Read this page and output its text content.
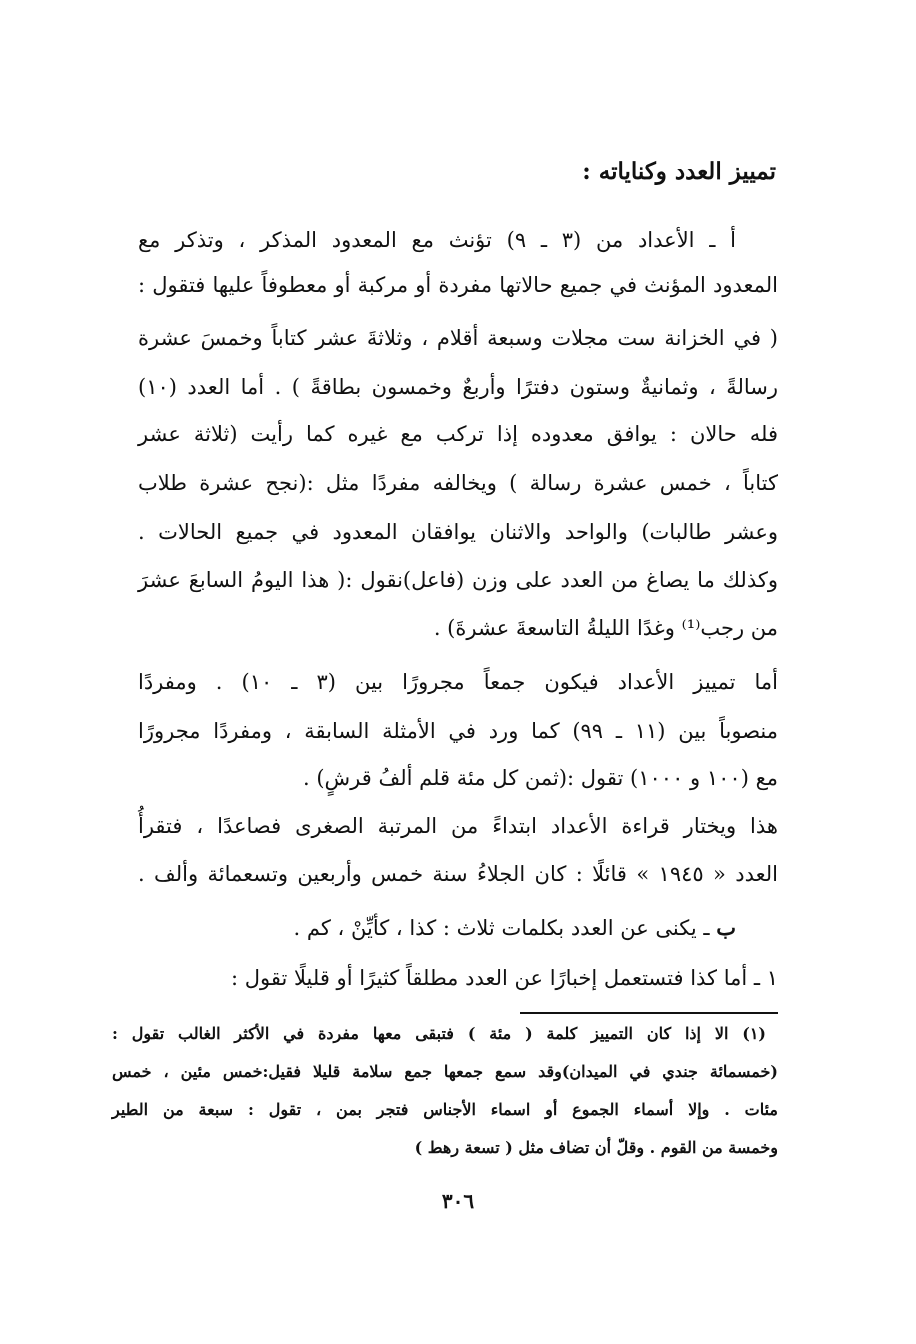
تمييز العدد وكناياته :
أ ـ الأعداد من (٣ ـ ٩) تؤنث مع المعدود المذكر ، وتذكر مع
المعدود المؤنث في جميع حالاتها مفردة أو مركبة أو معطوفاً عليها فتقول :
( في الخزانة ست مجلات وسبعة أقلام ، وثلاثةَ عشر كتاباً وخمسَ عشرة
رسالةً ، وثمانيةٌ وستون دفترًا وأربعٌ وخمسون بطاقةً ) . أما العدد (١٠)
فله حالان : يوافق معدوده إذا تركب مع غيره كما رأيت (ثلاثة عشر
كتاباً ، خمس عشرة رسالة ) ويخالفه مفردًا مثل :(نجح عشرة طلاب
وعشر طالبات) والواحد والاثنان يوافقان المعدود في جميع الحالات .
وكذلك ما يصاغ من العدد على وزن (فاعل)نقول :( هذا اليومُ السابعَ عشرَ
من رجب⁽¹⁾ وغدًا الليلةُ التاسعةَ عشرةَ) .
أما تمييز الأعداد فيكون جمعاً مجرورًا بين (٣ ـ ١٠) . ومفردًا
منصوباً بين (١١ ـ ٩٩) كما ورد في الأمثلة السابقة ، ومفردًا مجرورًا
مع (١٠٠ و ١٠٠٠) تقول :(ثمن كل مئة قلم ألفُ قرشٍ) .
هذا ويختار قراءة الأعداد ابتداءً من المرتبة الصغرى فصاعدًا ، فتقرأُ
العدد « ١٩٤٥ » قائلًا : كان الجلاءُ سنة خمس وأربعين وتسعمائة وألف .
ب ـ يكنى عن العدد بكلمات ثلاث : كذا ، كأيِّنْ ، كم .
١ ـ أما كذا فتستعمل إخبارًا عن العدد مطلقاً كثيرًا أو قليلًا تقول :
(١) الا إذا كان التمييز كلمة ( مئة ) فتبقى معها مفردة في الأكثر الغالب تقول :
(خمسمائة جندي في الميدان)وقد سمع جمعها جمع سلامة قليلا فقيل:خمس مئين ، خمس
مئات . وإلا أسماء الجموع أو اسماء الأجناس فتجر بمن ، تقول : سبعة من الطير
وخمسة من القوم . وقلّ أن تضاف مثل ( تسعة رهط )
٣٠٦
